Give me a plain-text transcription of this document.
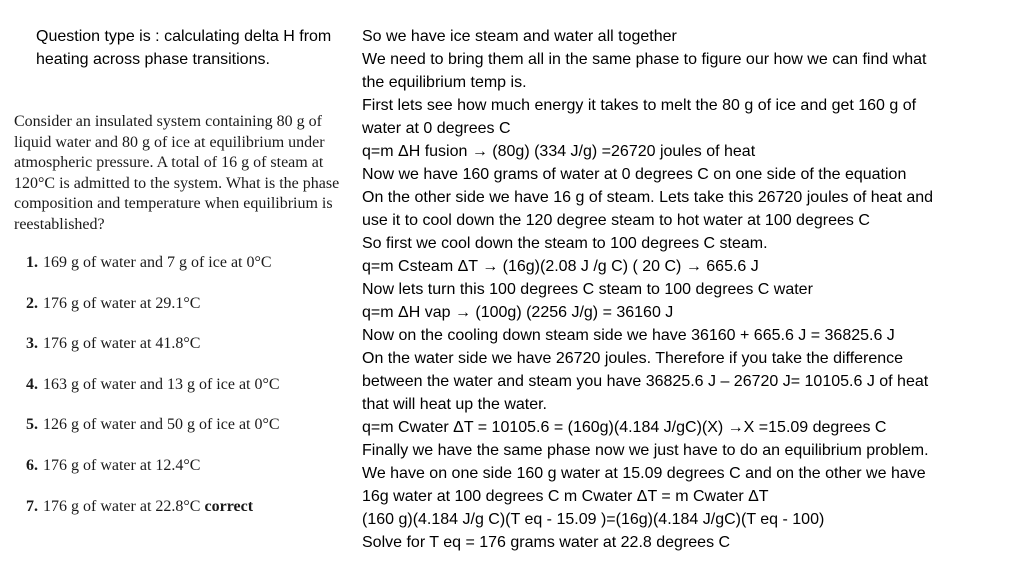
Question type is : calculating delta H from heating across phase transitions.

Consider an insulated system containing 80 g of liquid water and 80 g of ice at equilibrium under atmospheric pressure. A total of 16 g of steam at 120°C is admitted to the system. What is the phase composition and temperature when equilibrium is reestablished?

1. 169 g of water and 7 g of ice at 0°C
2. 176 g of water at 29.1°C
3. 176 g of water at 41.8°C
4. 163 g of water and 13 g of ice at 0°C
5. 126 g of water and 50 g of ice at 0°C
6. 176 g of water at 12.4°C
7. 176 g of water at 22.8°C correct

So we have ice steam and water all together

We need to bring them all in the same phase to figure our how we can find what
the equilibrium temp is.

First lets see how much energy it takes to melt the 80 g of ice and get 160 g of
water at 0 degrees C

q=m ΔH fusion → (80g) (334 J/g) =26720 joules of heat

Now we have 160 grams of water at 0 degrees C on one side of the equation

On the other side we have 16 g of steam. Lets take this 26720 joules of heat and
use it to cool down the 120 degree steam to hot water at 100 degrees C

So first we cool down the steam to 100 degrees C steam.

q=m Csteam ΔT → (16g)(2.08 J /g C) ( 20 C) → 665.6 J

Now lets turn this 100 degrees C steam to 100 degrees C water

q=m ΔH vap → (100g) (2256 J/g) = 36160 J

Now on the cooling down steam side we have 36160 + 665.6 J = 36825.6 J

On the water side we have 26720 joules. Therefore if you take the difference
between the water and steam you have 36825.6 J – 26720 J= 10105.6 J of heat
that will heat up the water.

q=m Cwater ΔT = 10105.6 = (160g)(4.184 J/gC)(X) →X =15.09 degrees C

Finally we have the same phase now we just have to do an equilibrium problem.

We have on one side 160 g water at 15.09 degrees C and on the other we have
16g water at 100 degrees C m Cwater ΔT = m Cwater ΔT

(160 g)(4.184 J/g C)(T eq - 15.09 )=(16g)(4.184 J/gC)(T eq - 100)

Solve for T eq = 176 grams water at 22.8 degrees C
